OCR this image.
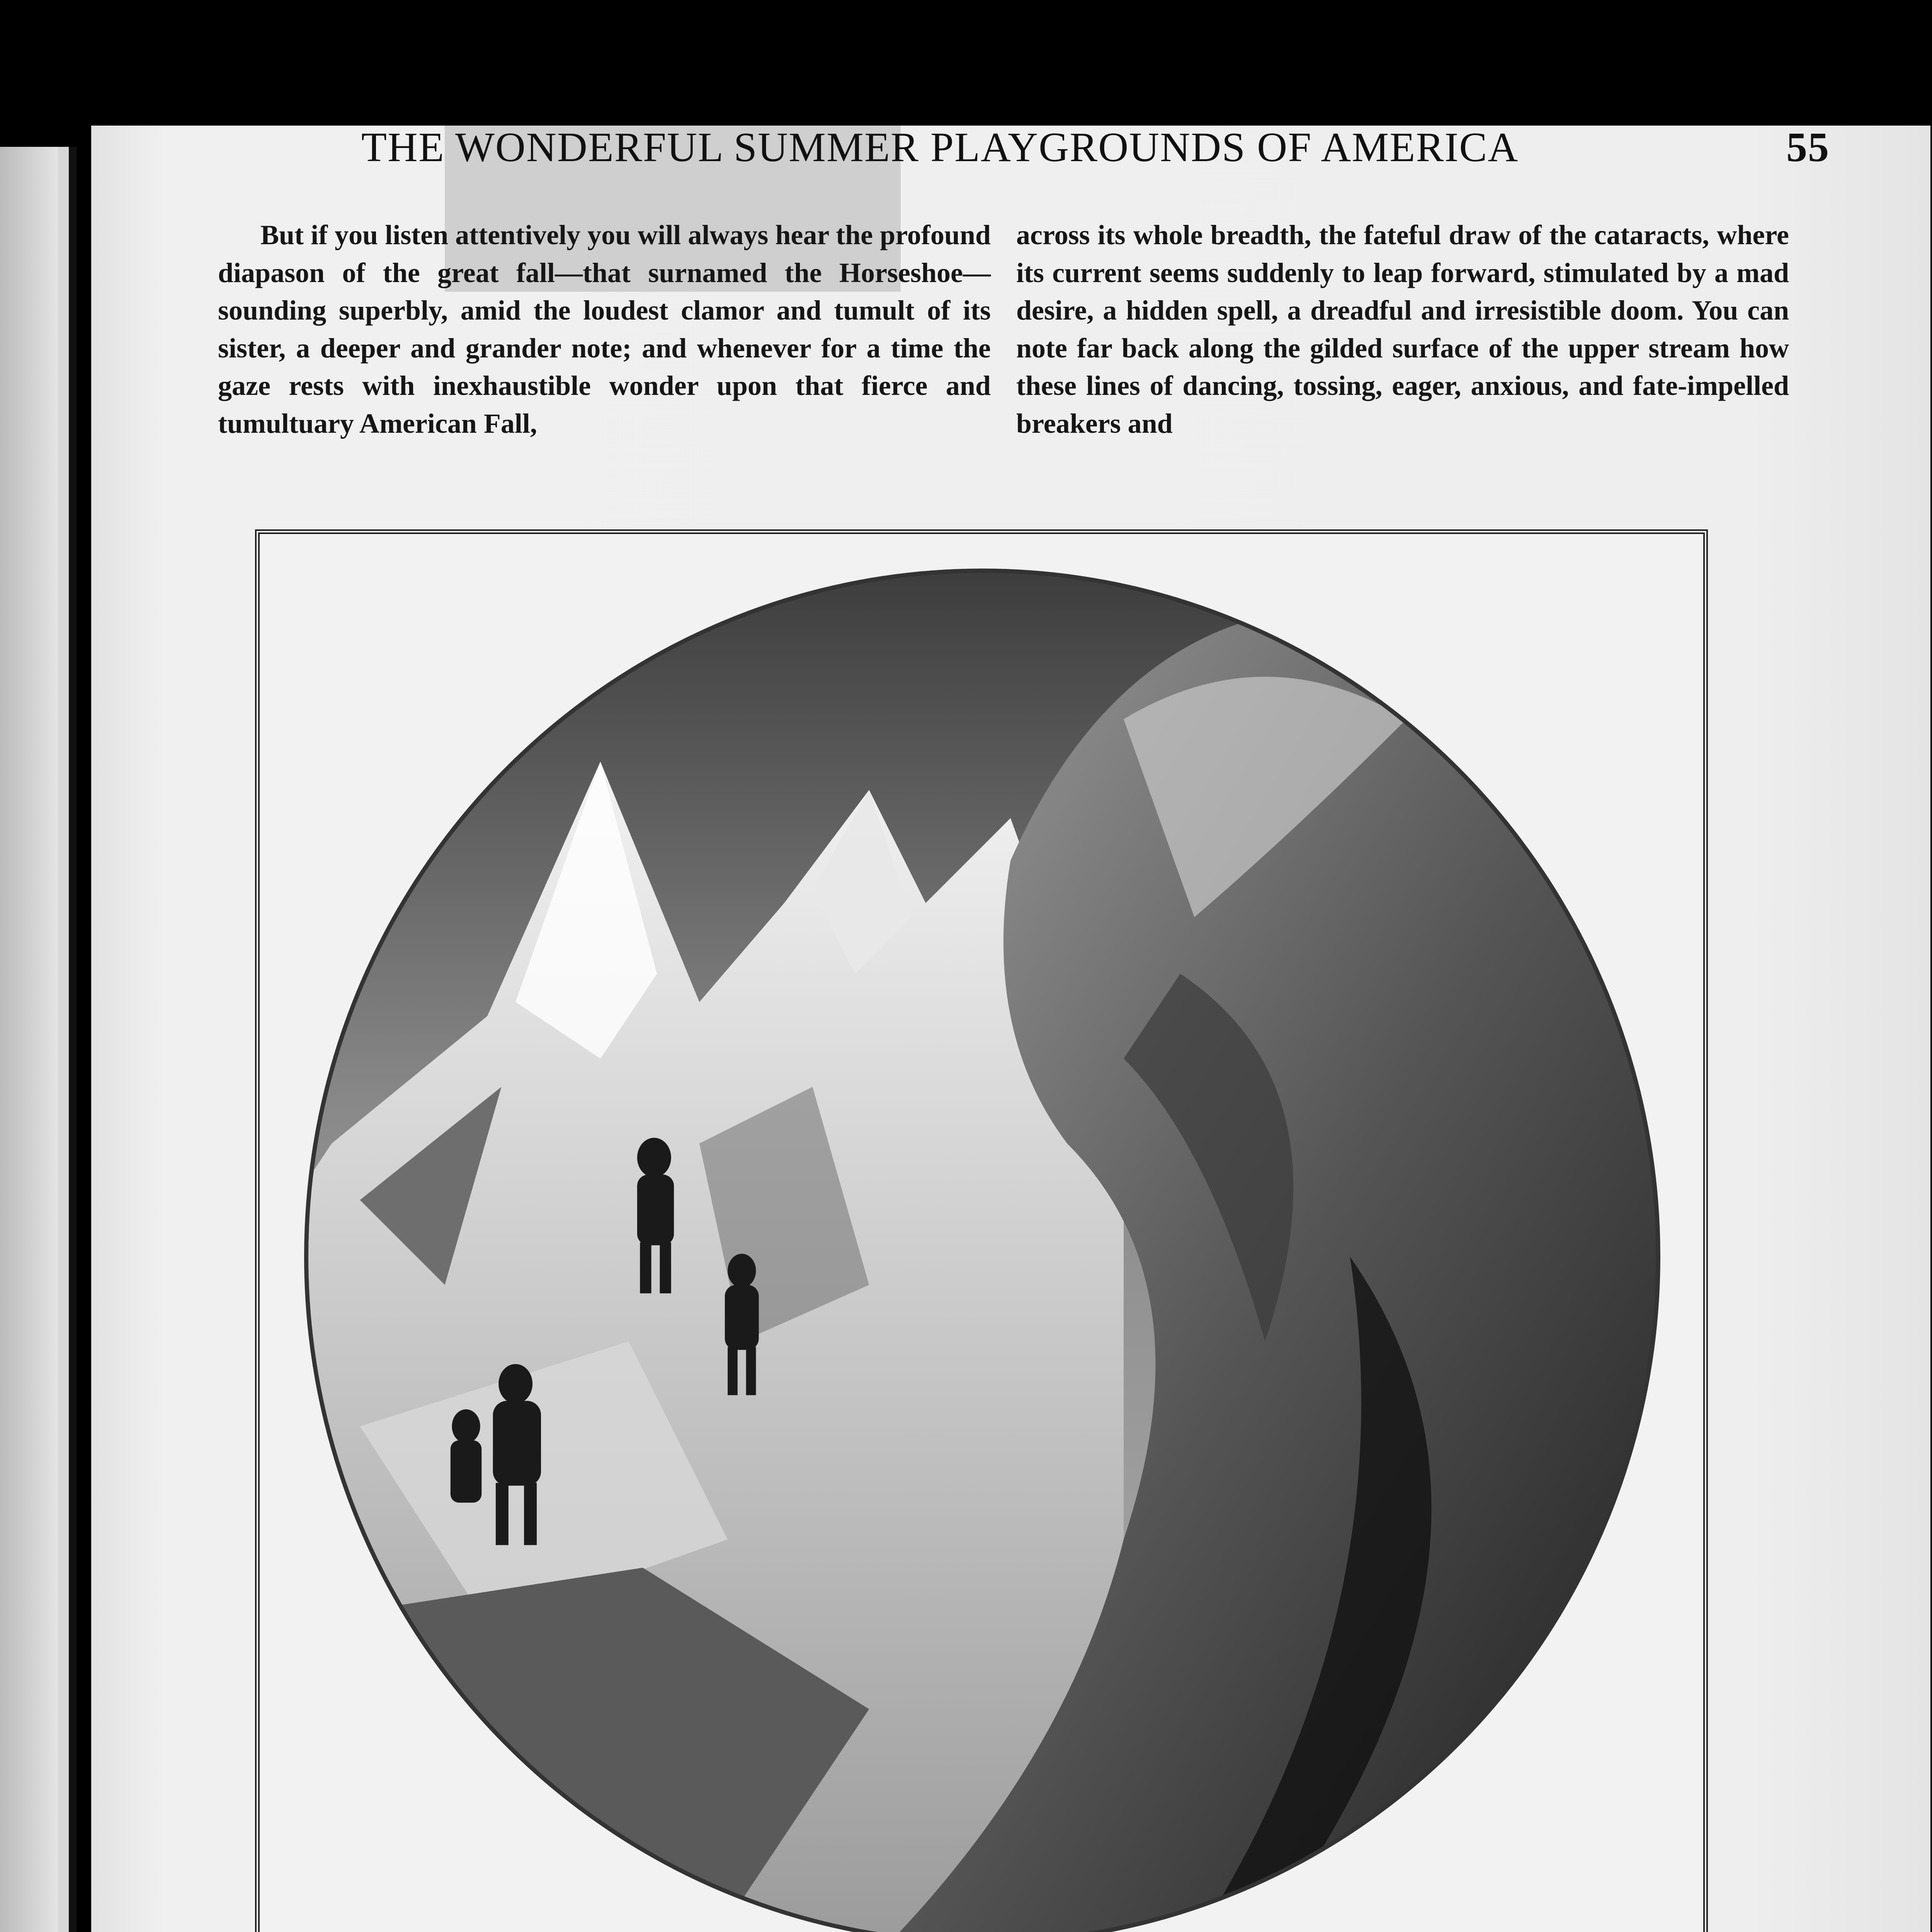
THE WONDERFUL SUMMER PLAYGROUNDS OF AMERICA	55

But if you listen attentively you will always hear the profound diapason of the great fall—that surnamed the Horseshoe—sounding superbly, amid the loudest clamor and tumult of its sister, a deeper and grander note; and whenever for a time the gaze rests with inexhaustible wonder upon that fierce and tumultuary American Fall,

across its whole breadth, the fateful draw of the cataracts, where its current seems suddenly to leap forward, stimulated by a mad desire, a hidden spell, a dreadful and irresistible doom. You can note far back along the gilded surface of the upper stream how these lines of dancing, tossing, eager, anxious, and fate-impelled breakers and
